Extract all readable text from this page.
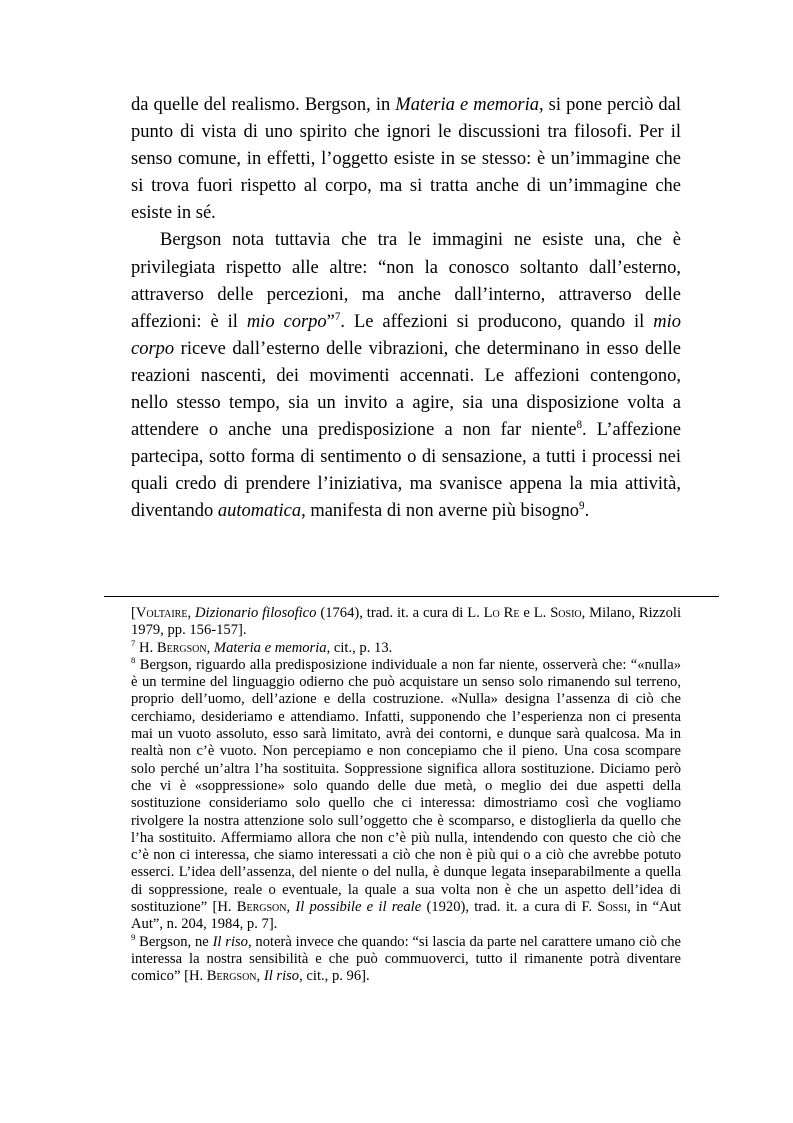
da quelle del realismo. Bergson, in Materia e memoria, si pone perciò dal punto di vista di uno spirito che ignori le discussioni tra filosofi. Per il senso comune, in effetti, l’oggetto esiste in se stesso: è un’immagine che si trova fuori rispetto al corpo, ma si tratta anche di un’immagine che esiste in sé.

Bergson nota tuttavia che tra le immagini ne esiste una, che è privilegiata rispetto alle altre: “non la conosco soltanto dall’esterno, attraverso delle percezioni, ma anche dall’interno, attraverso delle affezioni: è il mio corpo”$^7$. Le affezioni si producono, quando il mio corpo riceve dall’esterno delle vibrazioni, che determinano in esso delle reazioni nascenti, dei movimenti accennati. Le affezioni contengono, nello stesso tempo, sia un invito a agire, sia una disposizione volta a attendere o anche una predisposizione a non far niente$^8$. L’affezione partecipa, sotto forma di sentimento o di sensazione, a tutti i processi nei quali credo di prendere l’iniziativa, ma svanisce appena la mia attività, diventando automatica, manifesta di non averne più bisogno$^9$.

[Voltaire, Dizionario filosofico (1764), trad. it. a cura di L. Lo Re e L. Sosio, Milano, Rizzoli 1979, pp. 156-157].

$^7$ H. Bergson, Materia e memoria, cit., p. 13.

$^8$ Bergson, riguardo alla predisposizione individuale a non far niente, osserverà che: “«nulla» è un termine del linguaggio odierno che può acquistare un senso solo rimanendo sul terreno, proprio dell’uomo, dell’azione e della costruzione. «Nulla» designa l’assenza di ciò che cerchiamo, desideriamo e attendiamo. Infatti, supponendo che l’esperienza non ci presenta mai un vuoto assoluto, esso sarà limitato, avrà dei contorni, e dunque sarà qualcosa. Ma in realtà non c’è vuoto. Non percepiamo e non concepiamo che il pieno. Una cosa scompare solo perché un’altra l’ha sostituita. Soppressione significa allora sostituzione. Diciamo però che vi è «soppressione» solo quando delle due metà, o meglio dei due aspetti della sostituzione consideriamo solo quello che ci interessa: dimostriamo così che vogliamo rivolgere la nostra attenzione solo sull’oggetto che è scomparso, e distoglierla da quello che l’ha sostituito. Affermiamo allora che non c’è più nulla, intendendo con questo che ciò che c’è non ci interessa, che siamo interessati a ciò che non è più qui o a ciò che avrebbe potuto esserci. L’idea dell’assenza, del niente o del nulla, è dunque legata inseparabilmente a quella di soppressione, reale o eventuale, la quale a sua volta non è che un aspetto dell’idea di sostituzione” [H. Bergson, Il possibile e il reale (1920), trad. it. a cura di F. Sossi, in “Aut Aut”, n. 204, 1984, p. 7].

$^9$ Bergson, ne Il riso, noterà invece che quando: “si lascia da parte nel carattere umano ciò che interessa la nostra sensibilità e che può commuoverci, tutto il rimanente potrà diventare comico” [H. Bergson, Il riso, cit., p. 96].
